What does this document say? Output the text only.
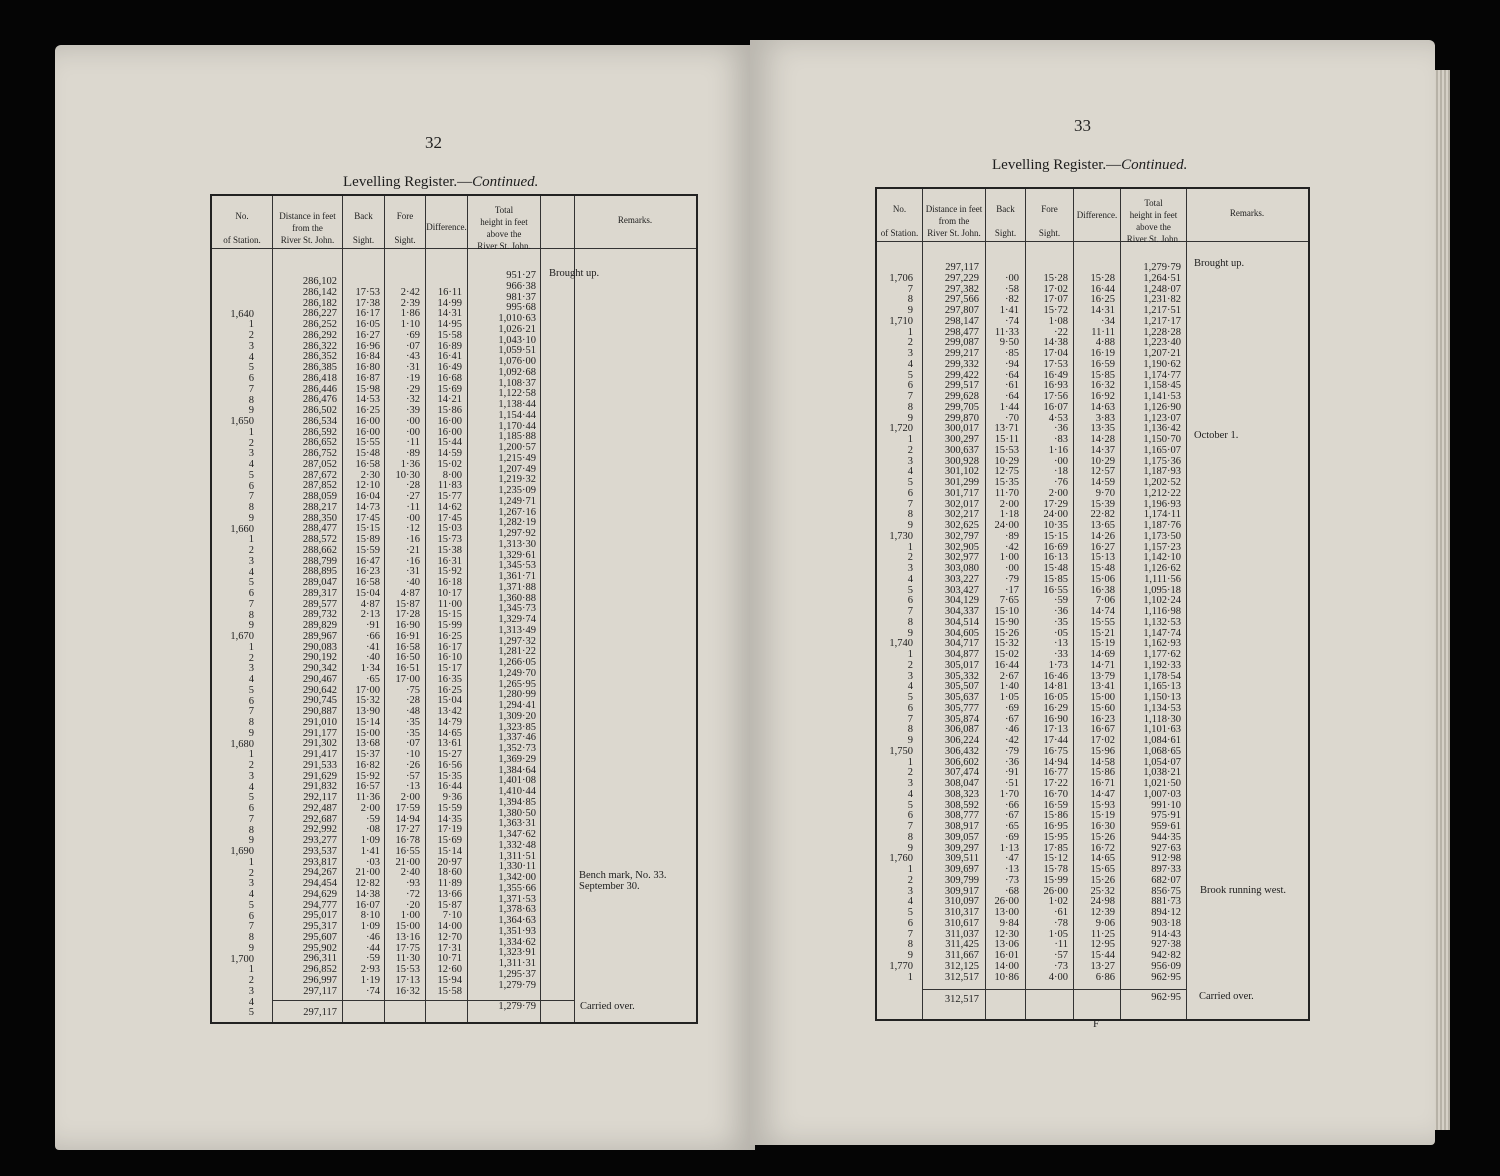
32
Levelling Register.—Continued.
No.

of Station.
Distance in feet
from the
River St. John.
Back

Sight.
Fore

Sight.
Difference.
Total
height in feet
above the
River St. John.
Remarks.
1,640
1
2
3
4
5
6
7
8
9
1,650
1
2
3
4
5
6
7
8
9
1,660
1
2
3
4
5
6
7
8
9
1,670
1
2
3
4
5
6
7
8
9
1,680
1
2
3
4
5
6
7
8
9
1,690
1
2
3
4
5
6
7
8
9
1,700
1
2
3
4
5
286,102
286,142
286,182
286,227
286,252
286,292
286,322
286,352
286,385
286,418
286,446
286,476
286,502
286,534
286,592
286,652
286,752
287,052
287,672
287,852
288,059
288,217
288,350
288,477
288,572
288,662
288,799
288,895
289,047
289,317
289,577
289,732
289,829
289,967
290,083
290,192
290,342
290,467
290,642
290,745
290,887
291,010
291,177
291,302
291,417
291,533
291,629
291,832
292,117
292,487
292,687
292,992
293,277
293,537
293,817
294,267
294,454
294,629
294,777
295,017
295,317
295,607
295,902
296,311
296,852
296,997
297,117
17·53
17·38
16·17
16·05
16·27
16·96
16·84
16·80
16·87
15·98
14·53
16·25
16·00
16·00
15·55
15·48
16·58
2·30
12·10
16·04
14·73
17·45
15·15
15·89
15·59
16·47
16·23
16·58
15·04
4·87
2·13
·91
·66
·41
·40
1·34
·65
17·00
15·32
13·90
15·14
15·00
13·68
15·37
16·82
15·92
16·57
11·36
2·00
·59
·08
1·09
1·41
·03
21·00
12·82
14·38
16·07
8·10
1·09
·46
·44
·59
2·93
1·19
·74
2·42
2·39
1·86
1·10
·69
·07
·43
·31
·19
·29
·32
·39
·00
·00
·11
·89
1·36
10·30
·28
·27
·11
·00
·12
·16
·21
·16
·31
·40
4·87
15·87
17·28
16·90
16·91
16·58
16·50
16·51
17·00
·75
·28
·48
·35
·35
·07
·10
·26
·57
·13
2·00
17·59
14·94
17·27
16·78
16·55
21·00
2·40
·93
·72
·20
1·00
15·00
13·16
17·75
11·30
15·53
17·13
16·32
16·11
14·99
14·31
14·95
15·58
16·89
16·41
16·49
16·68
15·69
14·21
15·86
16·00
16·00
15·44
14·59
15·02
8·00
11·83
15·77
14·62
17·45
15·03
15·73
15·38
16·31
15·92
16·18
10·17
11·00
15·15
15·99
16·25
16·17
16·10
15·17
16·35
16·25
15·04
13·42
14·79
14·65
13·61
15·27
16·56
15·35
16·44
9·36
15·59
14·35
17·19
15·69
15·14
20·97
18·60
11·89
13·66
15·87
7·10
14·00
12·70
17·31
10·71
12·60
15·94
15·58
951·27
966·38
981·37
995·68
1,010·63
1,026·21
1,043·10
1,059·51
1,076·00
1,092·68
1,108·37
1,122·58
1,138·44
1,154·44
1,170·44
1,185·88
1,200·57
1,215·49
1,207·49
1,219·32
1,235·09
1,249·71
1,267·16
1,282·19
1,297·92
1,313·30
1,329·61
1,345·53
1,361·71
1,371·88
1,360·88
1,345·73
1,329·74
1,313·49
1,297·32
1,281·22
1,266·05
1,249·70
1,265·95
1,280·99
1,294·41
1,309·20
1,323·85
1,337·46
1,352·73
1,369·29
1,384·64
1,401·08
1,410·44
1,394·85
1,380·50
1,363·31
1,347·62
1,332·48
1,311·51
1,330·11
1,342·00
1,355·66
1,371·53
1,378·63
1,364·63
1,351·93
1,334·62
1,323·91
1,311·31
1,295·37
1,279·79
Brought up.
Bench mark, No. 33.
September 30.
Carried over.
297,117
1,279·79
33
Levelling Register.—Continued.
No.

of Station.
Distance in feet
from the
River St. John.
Back

Sight.
Fore

Sight.
Difference.
Total
height in feet
above the
River St. John.
Remarks.
1,706
7
8
9
1,710
1
2
3
4
5
6
7
8
9
1,720
1
2
3
4
5
6
7
8
9
1,730
1
2
3
4
5
6
7
8
9
1,740
1
2
3
4
5
6
7
8
9
1,750
1
2
3
4
5
6
7
8
9
1,760
1
2
3
4
5
6
7
8
9
1,770
1
297,117
297,229
297,382
297,566
297,807
298,147
298,477
299,087
299,217
299,332
299,422
299,517
299,628
299,705
299,870
300,017
300,297
300,637
300,928
301,102
301,299
301,717
302,017
302,217
302,625
302,797
302,905
302,977
303,080
303,227
303,427
304,129
304,337
304,514
304,605
304,717
304,877
305,017
305,332
305,507
305,637
305,777
305,874
306,087
306,224
306,432
306,602
307,474
308,047
308,323
308,592
308,777
308,917
309,057
309,297
309,511
309,697
309,799
309,917
310,097
310,317
310,617
311,037
311,425
311,667
312,125
312,517
·00
·58
·82
1·41
·74
11·33
9·50
·85
·94
·64
·61
·64
1·44
·70
13·71
15·11
15·53
10·29
12·75
15·35
11·70
2·00
1·18
24·00
·89
·42
1·00
·00
·79
·17
7·65
15·10
15·90
15·26
15·32
15·02
16·44
2·67
1·40
1·05
·69
·67
·46
·42
·79
·36
·91
·51
1·70
·66
·67
·65
·69
1·13
·47
·13
·73
·68
26·00
13·00
9·84
12·30
13·06
16·01
14·00
10·86
15·28
17·02
17·07
15·72
1·08
·22
14·38
17·04
17·53
16·49
16·93
17·56
16·07
4·53
·36
·83
1·16
·00
·18
·76
2·00
17·29
24·00
10·35
15·15
16·69
16·13
15·48
15·85
16·55
·59
·36
·35
·05
·13
·33
1·73
16·46
14·81
16·05
16·29
16·90
17·13
17·44
16·75
14·94
16·77
17·22
16·70
16·59
15·86
16·95
15·95
17·85
15·12
15·78
15·99
26·00
1·02
·61
·78
1·05
·11
·57
·73
4·00
15·28
16·44
16·25
14·31
·34
11·11
4·88
16·19
16·59
15·85
16·32
16·92
14·63
3·83
13·35
14·28
14·37
10·29
12·57
14·59
9·70
15·39
22·82
13·65
14·26
16·27
15·13
15·48
15·06
16·38
7·06
14·74
15·55
15·21
15·19
14·69
14·71
13·79
13·41
15·00
15·60
16·23
16·67
17·02
15·96
14·58
15·86
16·71
14·47
15·93
15·19
16·30
15·26
16·72
14·65
15·65
15·26
25·32
24·98
12·39
9·06
11·25
12·95
15·44
13·27
6·86
1,279·79
1,264·51
1,248·07
1,231·82
1,217·51
1,217·17
1,228·28
1,223·40
1,207·21
1,190·62
1,174·77
1,158·45
1,141·53
1,126·90
1,123·07
1,136·42
1,150·70
1,165·07
1,175·36
1,187·93
1,202·52
1,212·22
1,196·93
1,174·11
1,187·76
1,173·50
1,157·23
1,142·10
1,126·62
1,111·56
1,095·18
1,102·24
1,116·98
1,132·53
1,147·74
1,162·93
1,177·62
1,192·33
1,178·54
1,165·13
1,150·13
1,134·53
1,118·30
1,101·63
1,084·61
1,068·65
1,054·07
1,038·21
1,021·50
1,007·03
991·10
975·91
959·61
944·35
927·63
912·98
897·33
682·07
856·75
881·73
894·12
903·18
914·43
927·38
942·82
956·09
962·95
Brought up.
October 1.
Brook running west.
Carried over.
312,517	962·95
F
